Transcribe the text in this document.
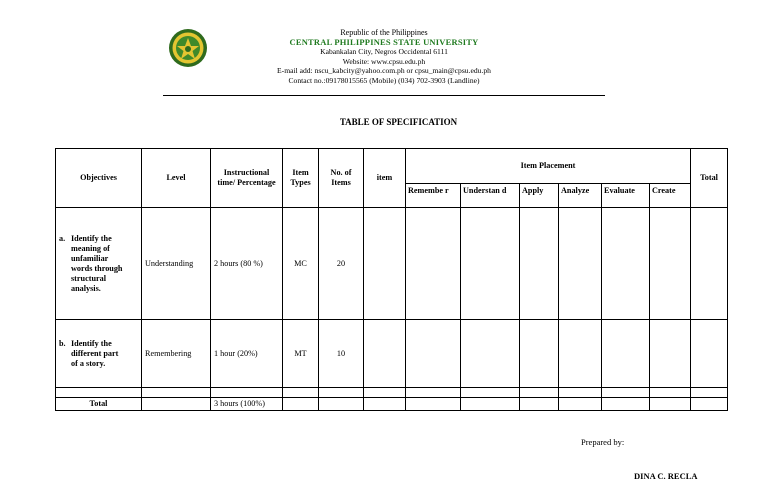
Republic of the Philippines
CENTRAL PHILIPPINES STATE UNIVERSITY
Kabankalan City, Negros Occidental 6111
Website: www.cpsu.edu.ph
E-mail add: nscu_kabcity@yahoo.com.ph or cpsu_main@cpsu.edu.ph
Contact no.:09178015565 (Mobile) (034) 702-3903 (Landline)
TABLE OF SPECIFICATION
Objectives	Level	Instructional time/ Percentage	Item Types	No. of Items	item	Item Placement						Total
						Remembe r	Understan d	Apply	Analyze	Evaluate	Create	
a. Identify the meaning of unfamiliar words through structural analysis.	Understanding	2 hours (80 %)	MC	20								
b. Identify the different part of a story.	Remembering	1 hour (20%)	MT	10								

Total		3 hours (100%)										
Prepared by:
DINA C. RECLA
